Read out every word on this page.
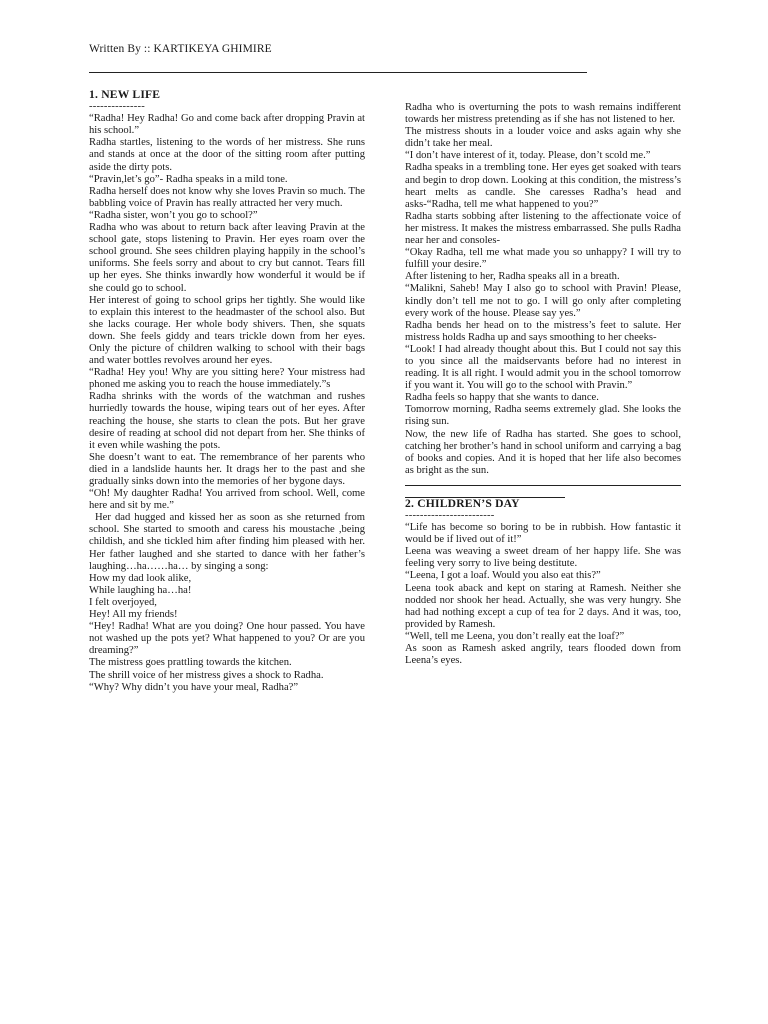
Written By :: KARTIKEYA GHIMIRE

1. NEW LIFE

---------------

“Radha! Hey Radha! Go and come back after dropping Pravin at his school.”

Radha startles, listening to the words of her mistress. She runs and stands at once at the door of the sitting room after putting aside the dirty pots.

“Pravin,let’s go”- Radha speaks in a mild tone.

Radha herself does not know why she loves Pravin so much. The babbling voice of Pravin has really attracted her very much.

“Radha sister, won’t you go to school?”

Radha who was about to return back after leaving Pravin at the school gate, stops listening to Pravin. Her eyes roam over the school ground. She sees children playing happily in the school’s uniforms. She feels sorry and about to cry but cannot. Tears fill up her eyes. She thinks inwardly how wonderful it would be if she could go to school.

Her interest of going to school grips her tightly. She would like to explain this interest to the headmaster of the school also. But she lacks courage. Her whole body shivers. Then, she squats down. She feels giddy and tears trickle down from her eyes. Only the picture of children walking to school with their bags and water bottles revolves around her eyes.

“Radha! Hey you! Why are you sitting here? Your mistress had phoned me asking you to reach the house immediately.”s

Radha shrinks with the words of the watchman and rushes hurriedly towards the house, wiping tears out of her eyes. After reaching the house, she starts to clean the pots. But her grave desire of reading at school did not depart from her. She thinks of it even while washing the pots.

She doesn’t want to eat. The remembrance of her parents who died in a landslide haunts her. It drags her to the past and she gradually sinks down into the memories of her bygone days.

“Oh! My daughter Radha! You arrived from school. Well, come here and sit by me.”

Her dad hugged and kissed her as soon as she returned from school. She started to smooth and caress his moustache ,being childish, and she tickled him after finding him pleased with her. Her father laughed and she started to dance with her father’s laughing…ha……ha… by singing a song:

How my dad look alike,

While laughing ha…ha!

I felt overjoyed,

Hey! All my friends!

“Hey! Radha! What are you doing? One hour passed. You have not washed up the pots yet? What happened to you? Or are you dreaming?”

The mistress goes prattling towards the kitchen.

The shrill voice of her mistress gives a shock to Radha.

“Why? Why didn’t you have your meal, Radha?”

Radha who is overturning the pots to wash remains indifferent towards her mistress pretending as if she has not listened to her.

The mistress shouts in a louder voice and asks again why she didn’t take her meal.

“I don’t have interest of it, today. Please, don’t scold me.”

Radha speaks in a trembling tone. Her eyes get soaked with tears and begin to drop down. Looking at this condition, the mistress’s heart melts as candle. She caresses Radha’s head and asks-“Radha, tell me what happened to you?”

Radha starts sobbing after listening to the affectionate voice of her mistress. It makes the mistress embarrassed. She pulls Radha near her and consoles-

“Okay Radha, tell me what made you so unhappy? I will try to fulfill your desire.”

After listening to her, Radha speaks all in a breath.

“Malikni, Saheb! May I also go to school with Pravin! Please, kindly don’t tell me not to go. I will go only after completing every work of the house. Please say yes.”

Radha bends her head on to the mistress’s feet to salute. Her mistress holds Radha up and says smoothing to her cheeks-

“Look! I had already thought about this. But I could not say this to you since all the maidservants before had no interest in reading. It is all right. I would admit you in the school tomorrow if you want it. You will go to the school with Pravin.”

Radha feels so happy that she wants to dance.

Tomorrow morning, Radha seems extremely glad. She looks the rising sun.

Now, the new life of Radha has started. She goes to school, catching her brother’s hand in school uniform and carrying a bag of books and copies. And it is hoped that her life also becomes as bright as the sun.

2. CHILDREN’S DAY

------------------------

“Life has become so boring to be in rubbish. How fantastic it would be if lived out of it!”

Leena was weaving a sweet dream of her happy life. She was feeling very sorry to live being destitute.

“Leena, I got a loaf. Would you also eat this?”

Leena took aback and kept on staring at Ramesh. Neither she nodded nor shook her head. Actually, she was very hungry. She had had nothing except a cup of tea for 2 days. And it was, too, provided by Ramesh.

“Well, tell me Leena, you don’t really eat the loaf?”

As soon as Ramesh asked angrily, tears flooded down from Leena’s eyes.
